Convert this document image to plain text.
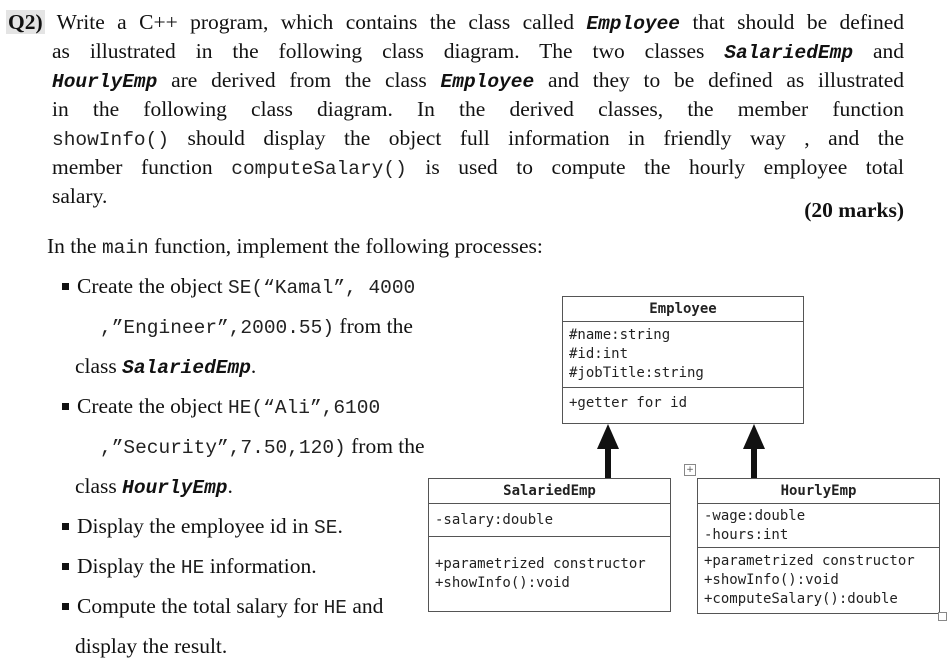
Q2) Write a C++ program, which contains the class called Employee that should be defined
as illustrated in the following class diagram. The two classes SalariedEmp and
HourlyEmp are derived from the class Employee and they to be defined as illustrated
in the following class diagram. In the derived classes, the member function
showInfo() should display the object full information in friendly way , and the
member function computeSalary() is used to compute the hourly employee total
salary.
(20 marks)
In the main function, implement the following processes:
Create the object SE(“Kamal”, 4000
,”Engineer”,2000.55) from the
class SalariedEmp.
Create the object HE(“Ali”,6100
,”Security”,7.50,120) from the
class HourlyEmp.
Display the employee id in SE.
Display the HE information.
Compute the total salary for HE and
display the result.
Employee
#name:string
#id:int
#jobTitle:string
+getter for id
SalariedEmp
-salary:double
+parametrized constructor
+showInfo():void
HourlyEmp
-wage:double
-hours:int
+parametrized constructor
+showInfo():void
+computeSalary():double
+
